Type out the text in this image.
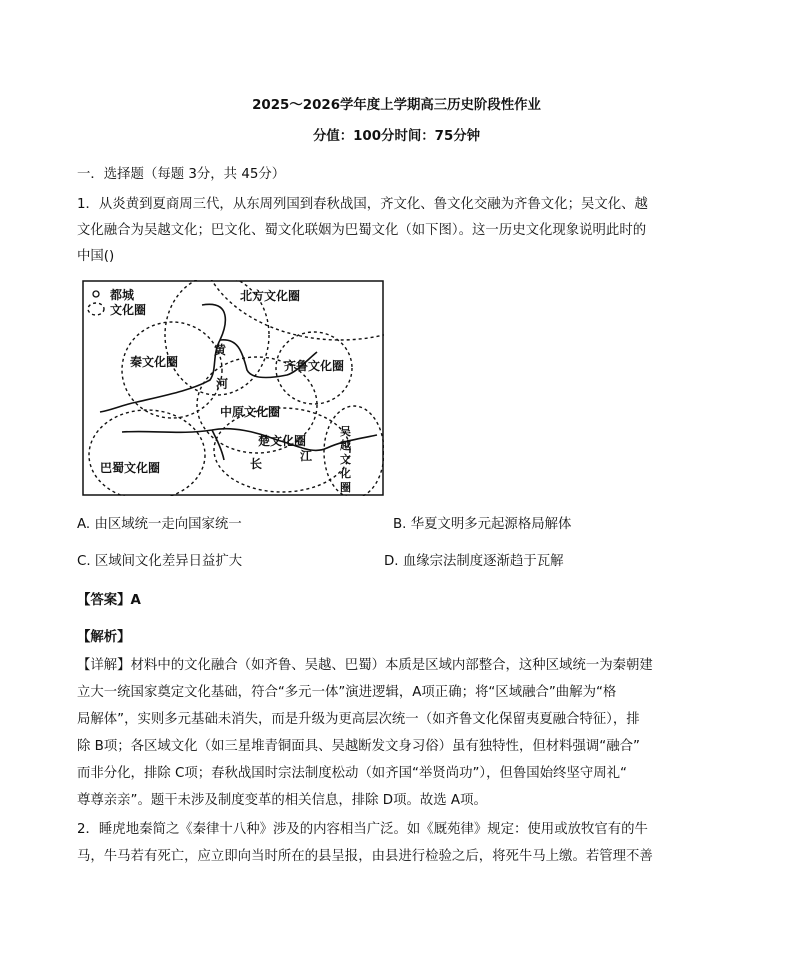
2025～2026学年度上学期高三历史阶段性作业
分值：100分时间：75分钟
一．选择题（每题 3分，共 45分）
1．从炎黄到夏商周三代，从东周列国到春秋战国，齐文化、鲁文化交融为齐鲁文化；吴文化、越
文化融合为吴越文化；巴文化、蜀文化联姻为巴蜀文化（如下图）。这一历史文化现象说明此时的
中国()
都城
文化圈
北方文化圈
秦文化圈	齐鲁文化圈
中原文化圈
楚文化圈
巴蜀文化圈
黄
河
江
长
吴
越
文
化
圈
A. 由区域统一走向国家统一	B. 华夏文明多元起源格局解体
C. 区域间文化差异日益扩大	D. 血缘宗法制度逐渐趋于瓦解
【答案】A
【解析】
【详解】材料中的文化融合（如齐鲁、吴越、巴蜀）本质是区域内部整合，这种区域统一为秦朝建
立大一统国家奠定文化基础，符合“多元一体”演进逻辑，A项正确；将“区域融合”曲解为“格
局解体”，实则多元基础未消失，而是升级为更高层次统一（如齐鲁文化保留夷夏融合特征），排
除 B项；各区域文化（如三星堆青铜面具、吴越断发文身习俗）虽有独特性，但材料强调“融合”
而非分化，排除 C项；春秋战国时宗法制度松动（如齐国“举贤尚功”），但鲁国始终坚守周礼“
尊尊亲亲”。题干未涉及制度变革的相关信息，排除 D项。故选 A项。
2．睡虎地秦简之《秦律十八种》涉及的内容相当广泛。如《厩苑律》规定：使用或放牧官有的牛
马，牛马若有死亡，应立即向当时所在的县呈报，由县进行检验之后，将死牛马上缴。若管理不善
